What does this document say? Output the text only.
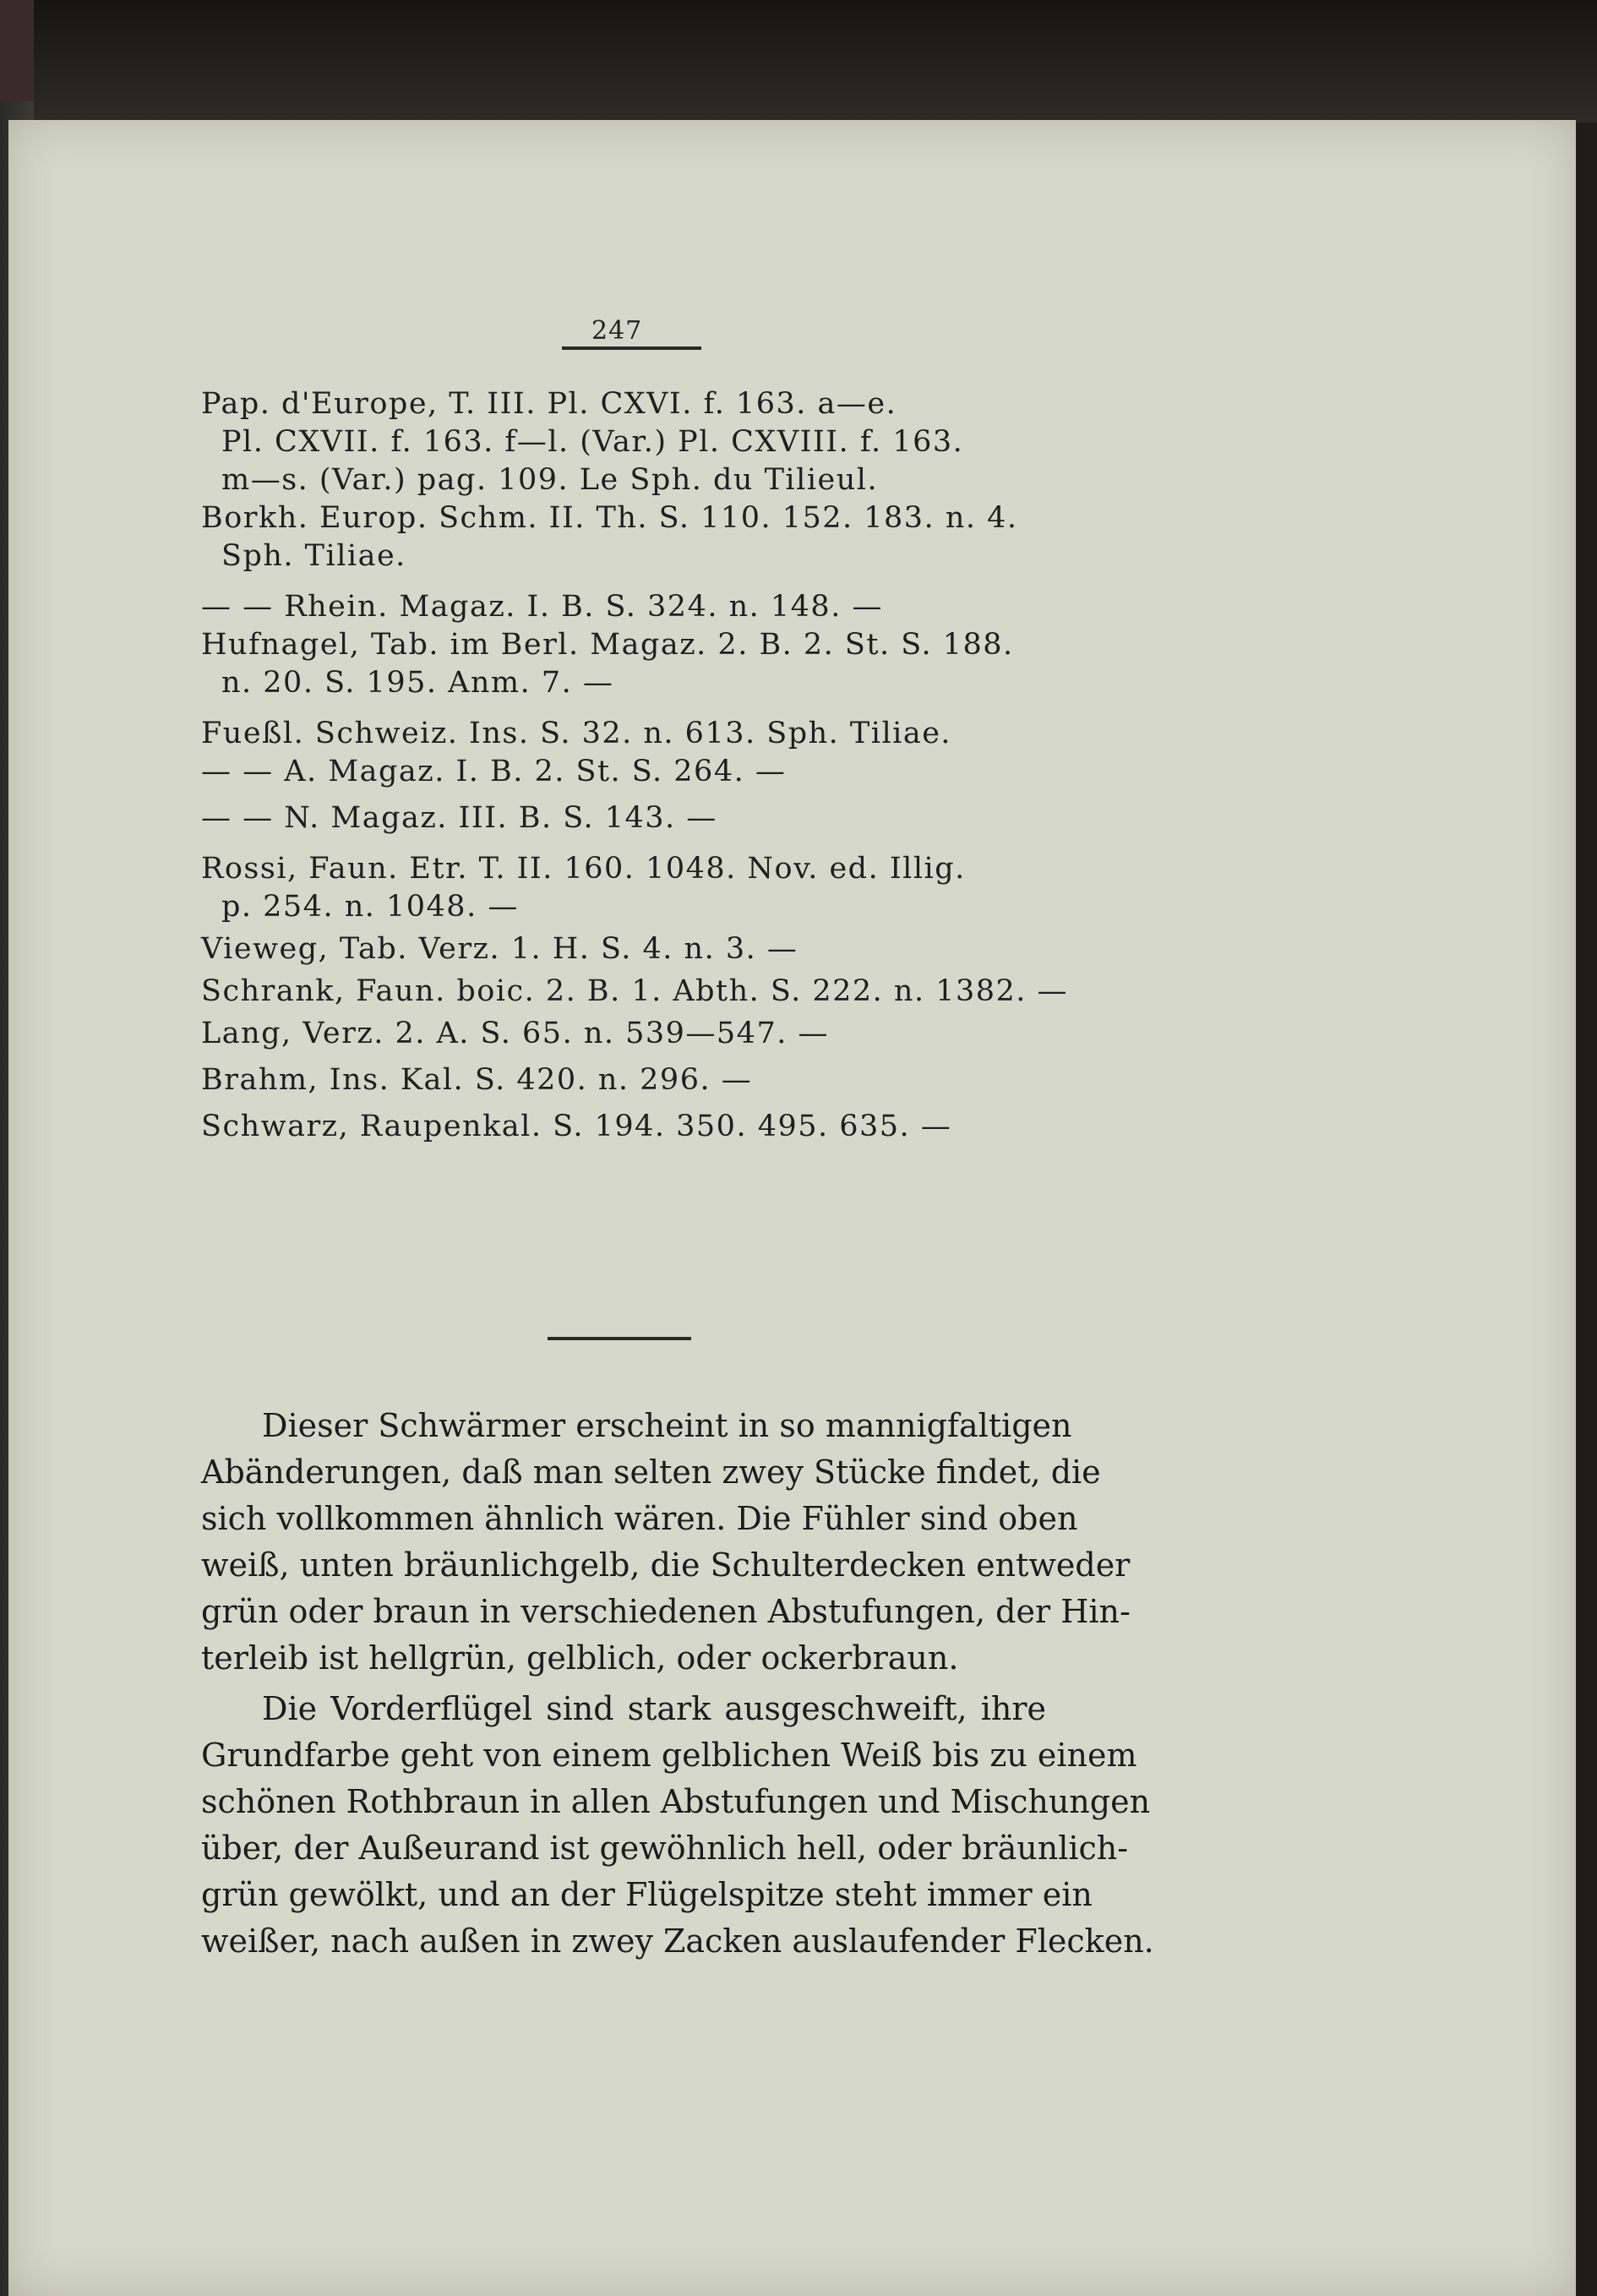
247
Pap. d'Europe, T. III. Pl. CXVI. f. 163. a—e.
Pl. CXVII. f. 163. f—l. (Var.) Pl. CXVIII. f. 163.
m—s. (Var.) pag. 109. Le Sph. du Tilieul.
Borkh. Europ. Schm. II. Th. S. 110. 152. 183. n. 4.
Sph. Tiliae.
— — Rhein. Magaz. I. B. S. 324. n. 148. —
Hufnagel, Tab. im Berl. Magaz. 2. B. 2. St. S. 188.
n. 20. S. 195. Anm. 7. —
Fueßl. Schweiz. Ins. S. 32. n. 613. Sph. Tiliae.
— — A. Magaz. I. B. 2. St. S. 264. —
— — N. Magaz. III. B. S. 143. —
Rossi, Faun. Etr. T. II. 160. 1048. Nov. ed. Illig.
p. 254. n. 1048. —
Vieweg, Tab. Verz. 1. H. S. 4. n. 3. —
Schrank, Faun. boic. 2. B. 1. Abth. S. 222. n. 1382. —
Lang, Verz. 2. A. S. 65. n. 539—547. —
Brahm, Ins. Kal. S. 420. n. 296. —
Schwarz, Raupenkal. S. 194. 350. 495. 635. —
Dieser Schwärmer erscheint in so mannigfaltigen
Abänderungen, daß man selten zwey Stücke findet, die
sich vollkommen ähnlich wären. Die Fühler sind oben
weiß, unten bräunlichgelb, die Schulterdecken entweder
grün oder braun in verschiedenen Abstufungen, der Hin-
terleib ist hellgrün, gelblich, oder ockerbraun.
Die Vorderflügel sind stark ausgeschweift, ihre
Grundfarbe geht von einem gelblichen Weiß bis zu einem
schönen Rothbraun in allen Abstufungen und Mischungen
über, der Außeurand ist gewöhnlich hell, oder bräunlich-
grün gewölkt, und an der Flügelspitze steht immer ein
weißer, nach außen in zwey Zacken auslaufender Flecken.
